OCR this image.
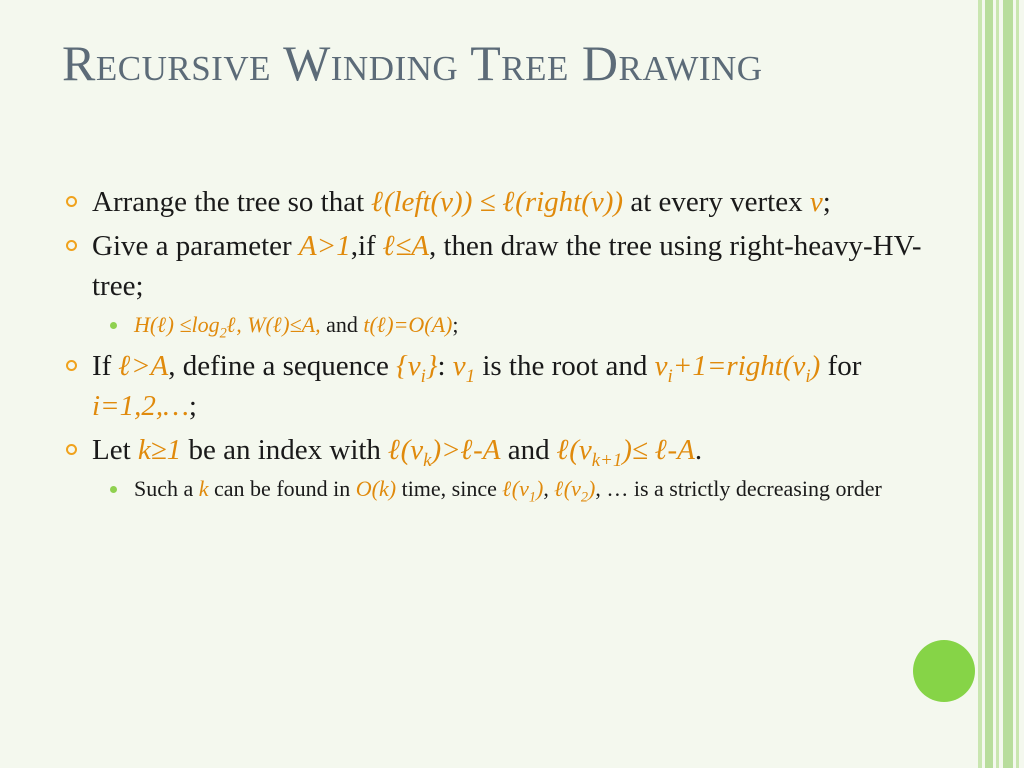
Recursive Winding Tree Drawing
Arrange the tree so that ℓ(left(v)) ≤ ℓ(right(v)) at every vertex v;
Give a parameter A>1,if ℓ≤A, then draw the tree using right-heavy-HV-tree;
H(ℓ) $\le\log_2\ell$, W(ℓ)≤A, and t(ℓ)=O(A);
If ℓ>A, define a sequence $\{v_i\}$: $v_1$ is the root and $v_i+1=right(v_i)$ for i=1,2,…;
Let k≥1 be an index with $\ell(v_k)>\ell-A$ and $\ell(v_{k+1})\le$ ℓ-A.
Such a k can be found in O(k) time, since $\ell(v_1)$, $\ell(v_2)$, … is a strictly decreasing order
